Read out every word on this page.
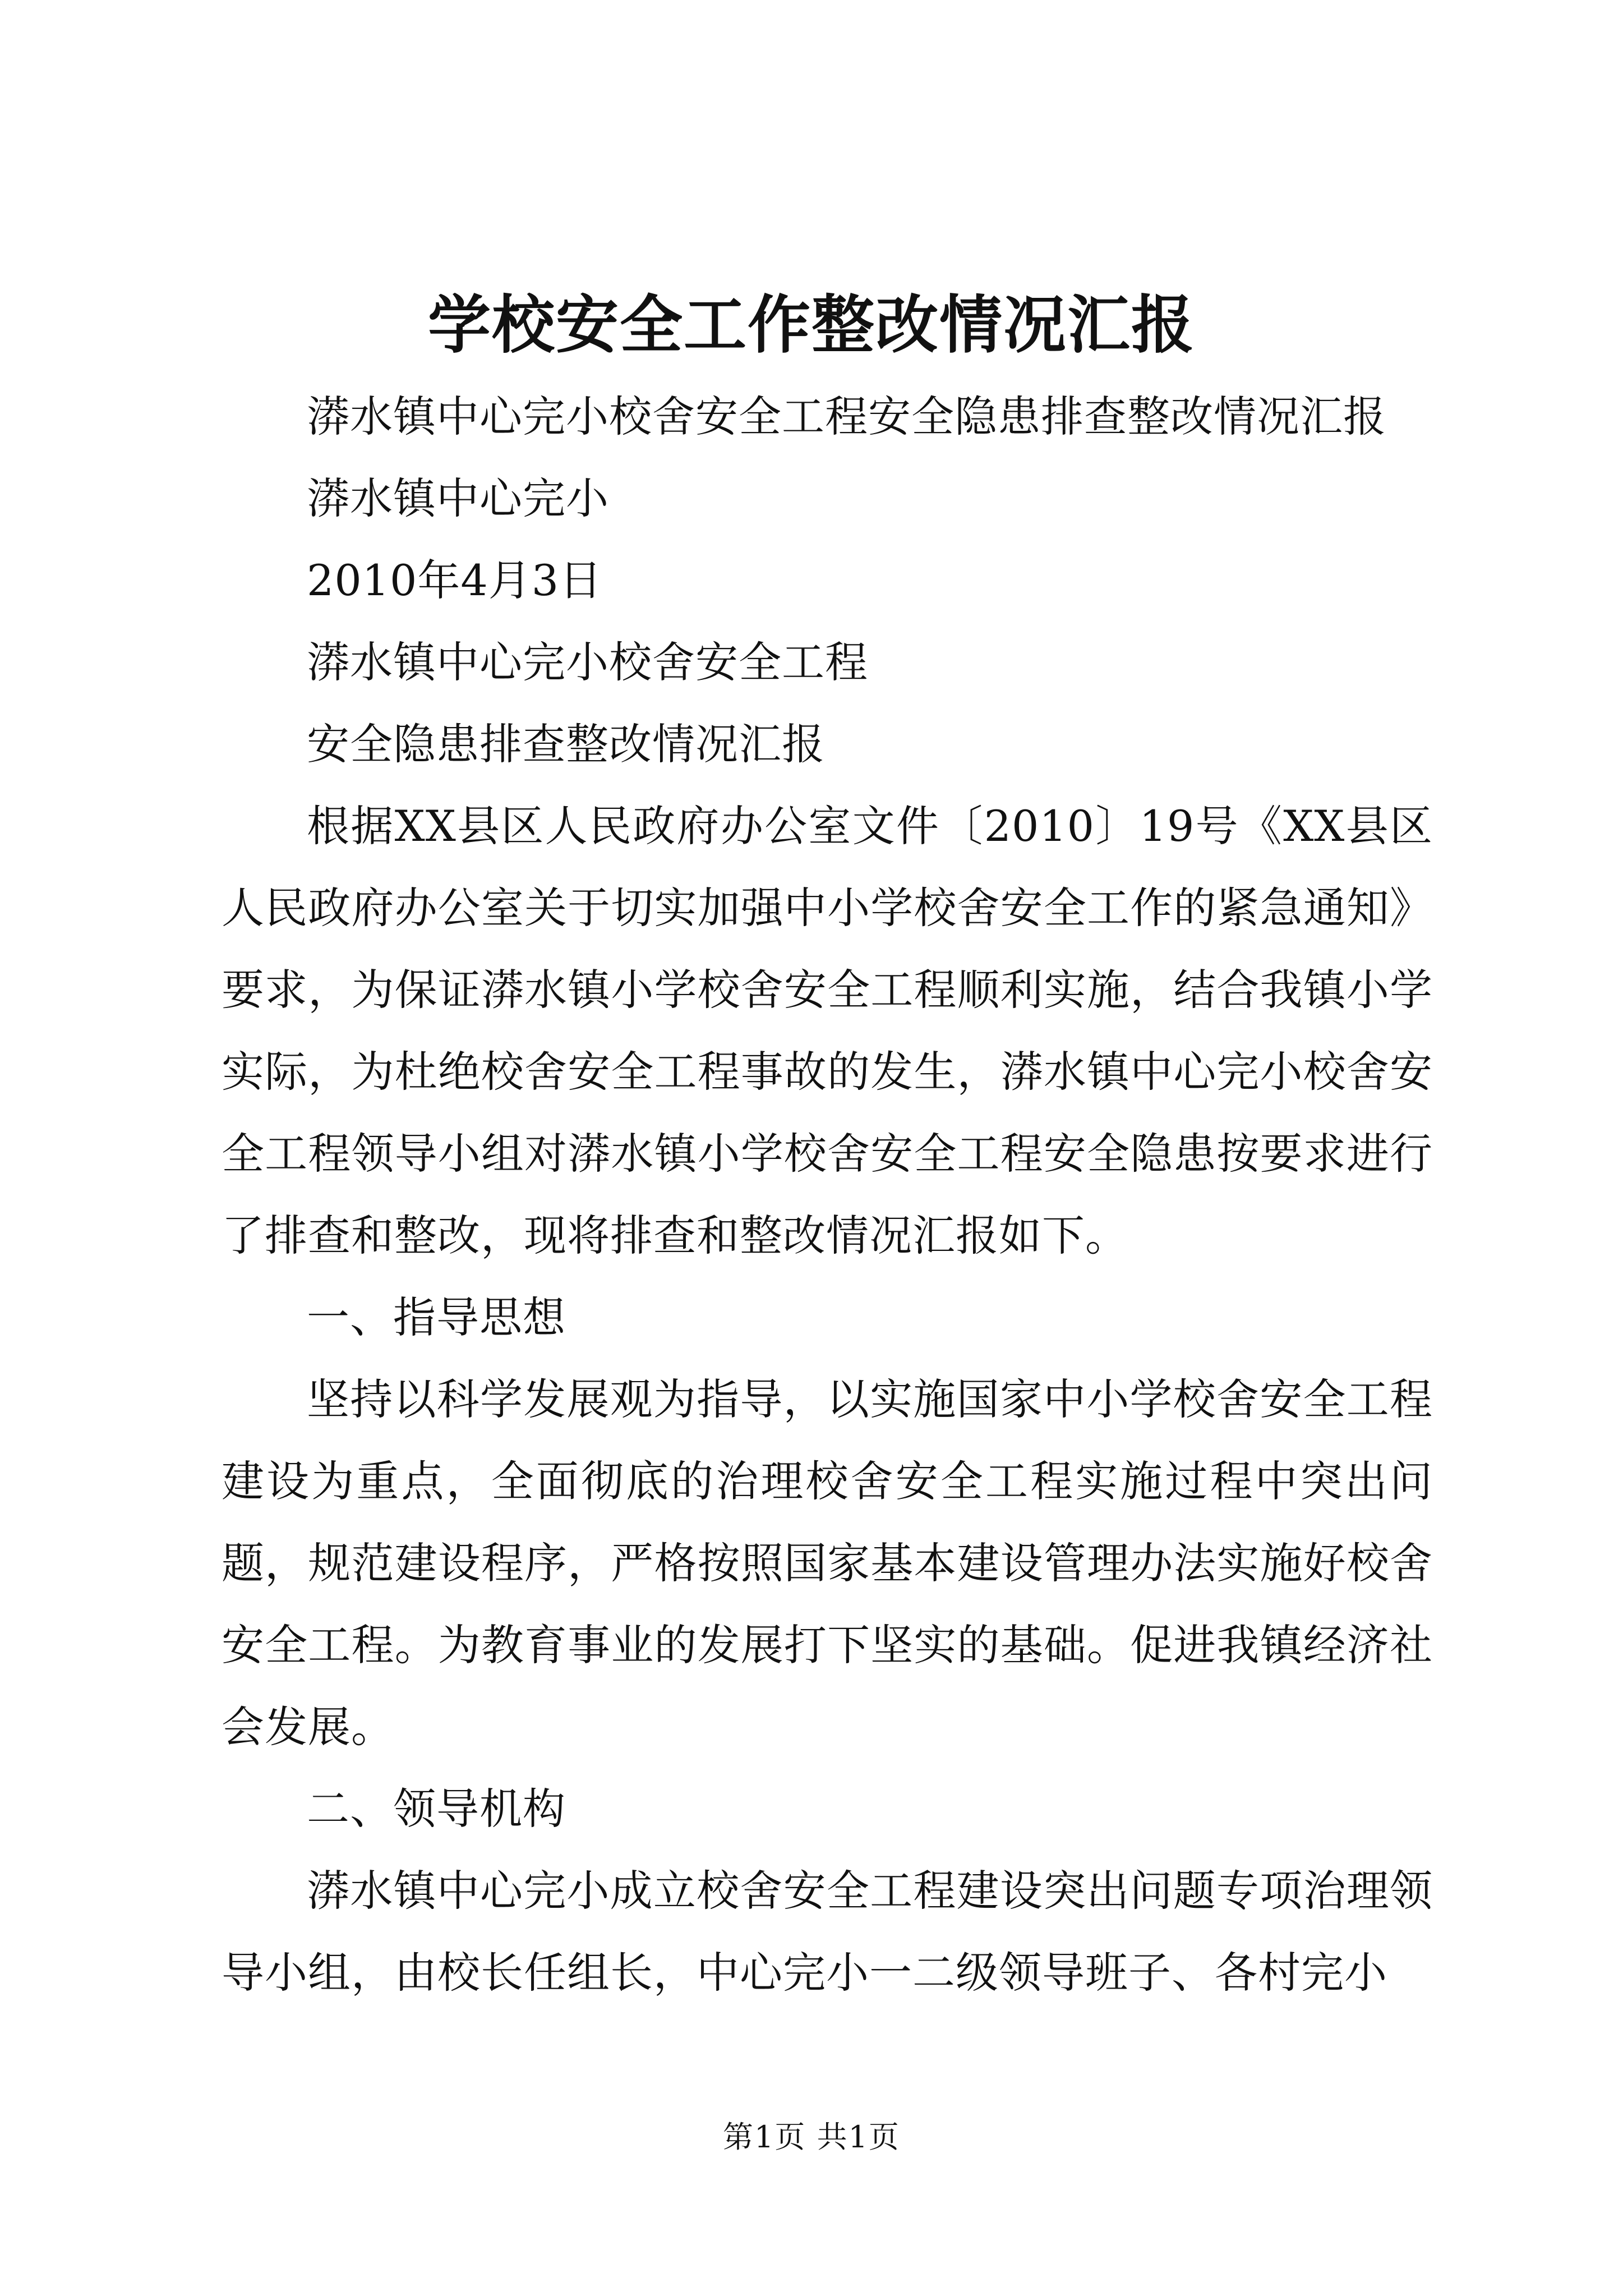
学校安全工作整改情况汇报

漭水镇中心完小校舍安全工程安全隐患排查整改情况汇报

漭水镇中心完小

2010年4月3日

漭水镇中心完小校舍安全工程

安全隐患排查整改情况汇报

根据XX县区人民政府办公室文件〔2010〕19号《XX县区人民政府办公室关于切实加强中小学校舍安全工作的紧急通知》要求，为保证漭水镇小学校舍安全工程顺利实施，结合我镇小学实际，为杜绝校舍安全工程事故的发生，漭水镇中心完小校舍安全工程领导小组对漭水镇小学校舍安全工程安全隐患按要求进行了排查和整改，现将排查和整改情况汇报如下。

一、指导思想

坚持以科学发展观为指导，以实施国家中小学校舍安全工程建设为重点，全面彻底的治理校舍安全工程实施过程中突出问题，规范建设程序，严格按照国家基本建设管理办法实施好校舍安全工程。为教育事业的发展打下坚实的基础。促进我镇经济社会发展。

二、领导机构

漭水镇中心完小成立校舍安全工程建设突出问题专项治理领导小组，由校长任组长，中心完小一二级领导班子、各村完小

第1页 共1页
